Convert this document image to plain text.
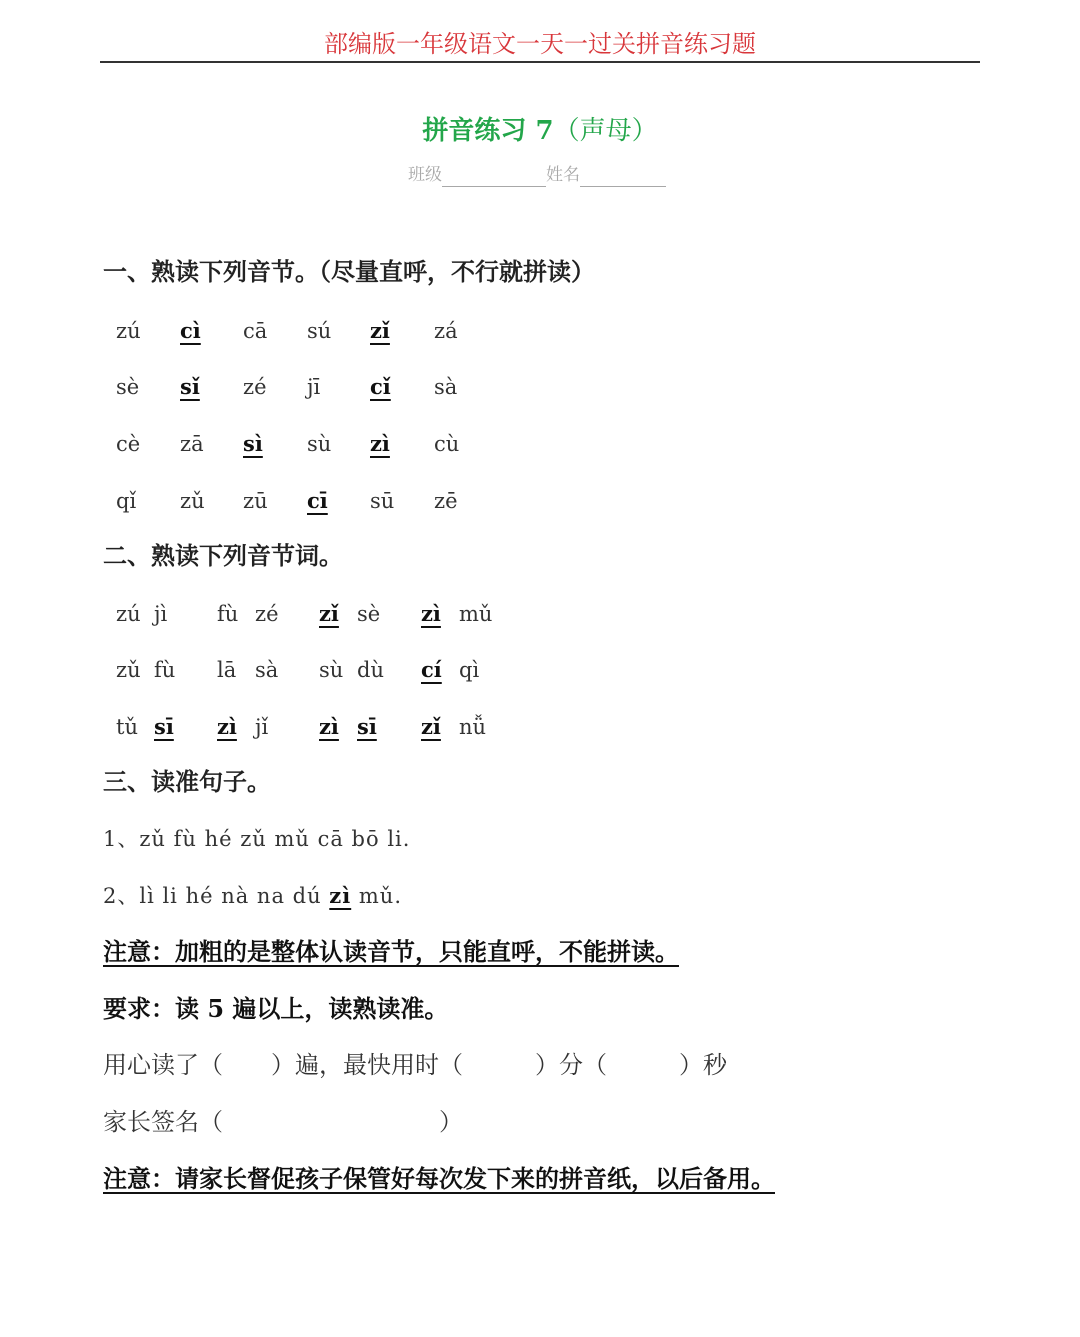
部编版一年级语文一天一过关拼音练习题
拼音练习 7（声母）
班级	姓名
一、熟读下列音节。（尽量直呼，不行就拼读）
zú cì cā sú zǐ zá
sè sǐ zé jī cǐ sà
cè zā sì sù zì cù
qǐ zǔ zū cī sū zē
二、熟读下列音节词。
zú jì fù zé zǐ sè zì mǔ
zǔ fù lā sà sù dù cí qì
tǔ sī zì jǐ zì sī zǐ nǚ
三、读准句子。
1、zǔ fù hé zǔ mǔ cā bō li.
2、lì li hé nà na dú zì mǔ.
注意：加粗的是整体认读音节，只能直呼，不能拼读。
要求：读 5 遍以上，读熟读准。
用心读了（　　）遍，最快用时（　　　）分（　　　）秒
家长签名（　　　　　　　　　）
注意：请家长督促孩子保管好每次发下来的拼音纸，以后备用。
